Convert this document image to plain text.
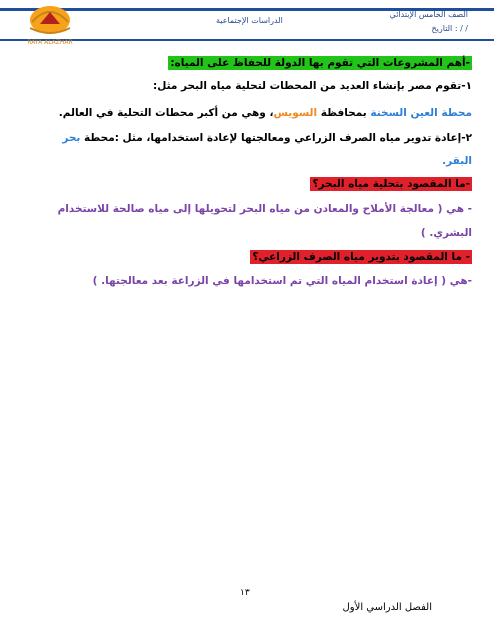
RAYA ALAZHAR
الصف الخامس الإبتدائي
التاريخ : / /
الدراسات الإجتماعية
-أهم المشروعات التي تقوم بها الدولة للحفاظ على المياه:
١-تقوم مصر بإنشاء العديد من المحطات لتحلية مياه البحر مثل:
محطة العين السخنة بمحافظة السويس، وهي من أكبر محطات التحلية في العالم.
٢-إعادة تدوير مياه الصرف الزراعي ومعالجتها لإعادة استخدامها، مثل :محطة بحر
البقر.
-ما المقصود بتحلية مياه البحر؟
- هي ( معالجة الأملاح والمعادن من مياه البحر لتحويلها إلى مياه صالحة للاستخدام
البشري. )
- ما المقصود بتدوير مياه الصرف الزراعي؟
-هي ( إعادة استخدام المياه التي تم استخدامها في الزراعة بعد معالجتها. )
١٣
الفصل الدراسي الأول
